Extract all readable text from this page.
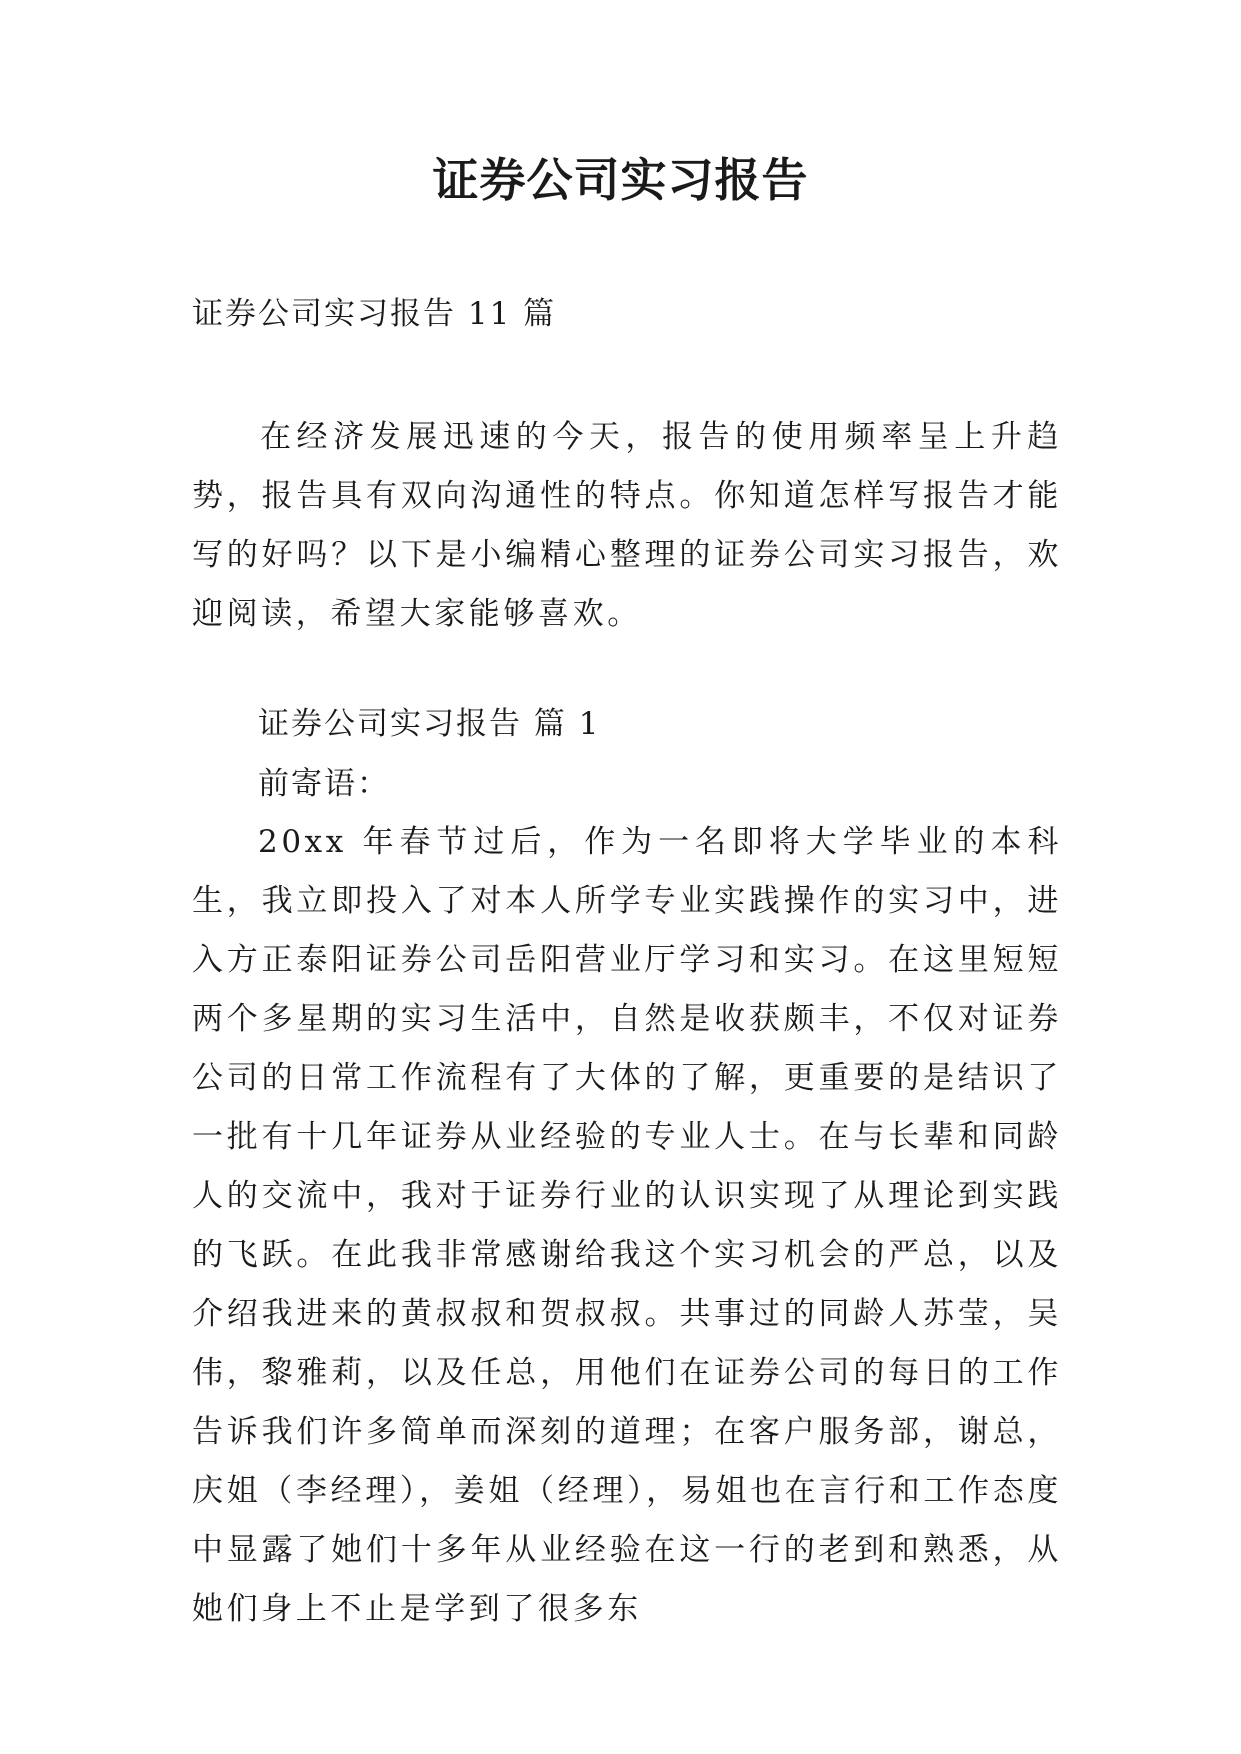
证券公司实习报告

证券公司实习报告 11 篇

在经济发展迅速的今天，报告的使用频率呈上升趋势，报告具有双向沟通性的特点。你知道怎样写报告才能写的好吗？以下是小编精心整理的证券公司实习报告，欢迎阅读，希望大家能够喜欢。

证券公司实习报告 篇 1

前寄语：

20xx 年春节过后，作为一名即将大学毕业的本科生，我立即投入了对本人所学专业实践操作的实习中，进入方正泰阳证券公司岳阳营业厅学习和实习。在这里短短两个多星期的实习生活中，自然是收获颇丰，不仅对证券公司的日常工作流程有了大体的了解，更重要的是结识了一批有十几年证券从业经验的专业人士。在与长辈和同龄人的交流中，我对于证券行业的认识实现了从理论到实践的飞跃。在此我非常感谢给我这个实习机会的严总，以及介绍我进来的黄叔叔和贺叔叔。共事过的同龄人苏莹，吴伟，黎雅莉，以及任总，用他们在证券公司的每日的工作告诉我们许多简单而深刻的道理；在客户服务部，谢总，庆姐（李经理），姜姐（经理），易姐也在言行和工作态度中显露了她们十多年从业经验在这一行的老到和熟悉，从她们身上不止是学到了很多东
